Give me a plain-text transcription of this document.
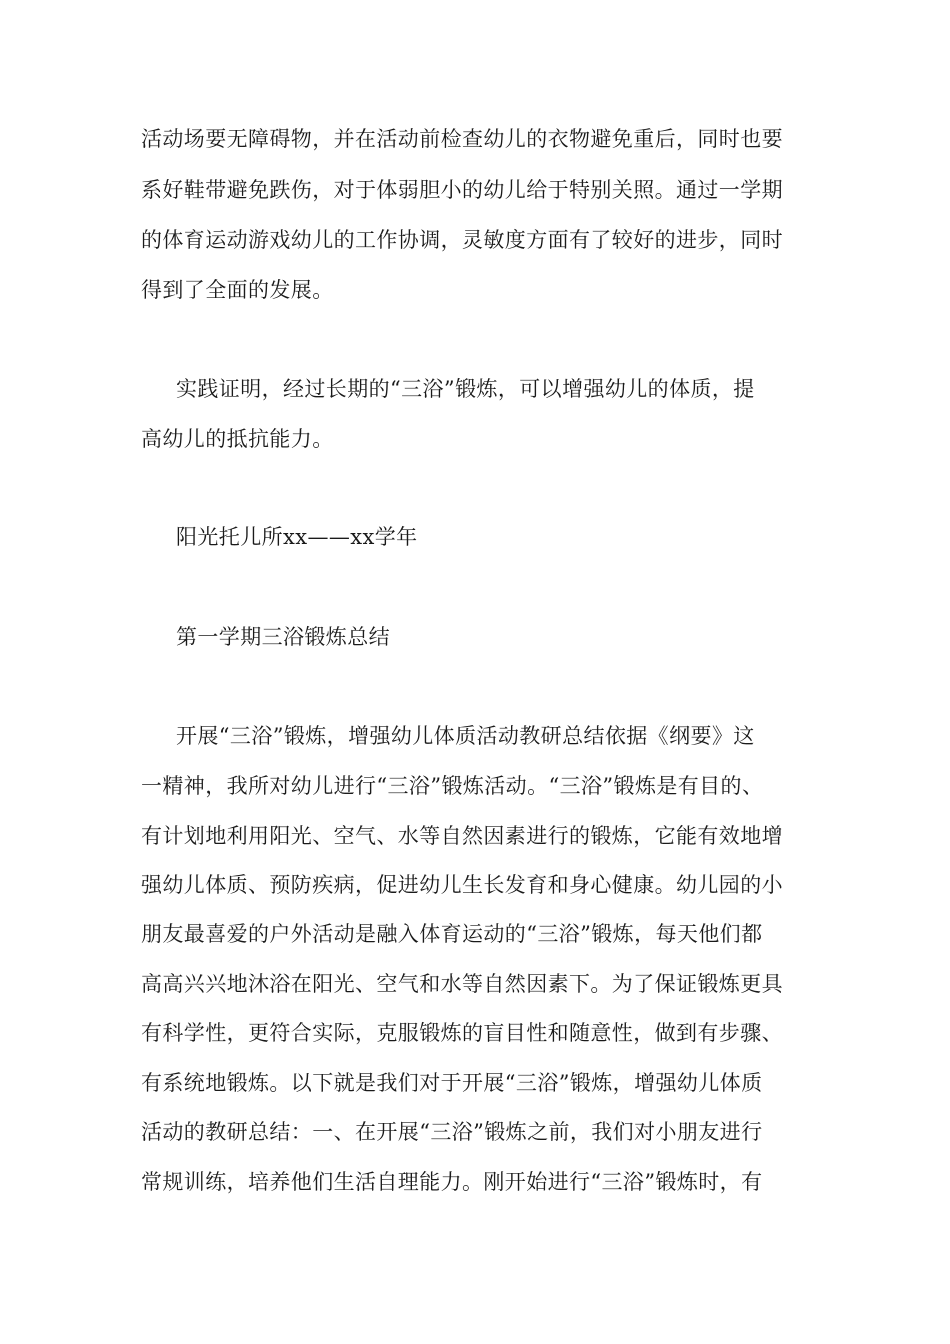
活动场要无障碍物，并在活动前检查幼儿的衣物避免重后，同时也要
系好鞋带避免跌伤，对于体弱胆小的幼儿给于特别关照。通过一学期
的体育运动游戏幼儿的工作协调，灵敏度方面有了较好的进步，同时
得到了全面的发展。
实践证明，经过长期的“三浴”锻炼，可以增强幼儿的体质，提
高幼儿的抵抗能力。
阳光托儿所xx——xx学年
第一学期三浴锻炼总结
开展“三浴”锻炼，增强幼儿体质活动教研总结依据《纲要》这
一精神，我所对幼儿进行“三浴”锻炼活动。“三浴”锻炼是有目的、
有计划地利用阳光、空气、水等自然因素进行的锻炼，它能有效地增
强幼儿体质、预防疾病，促进幼儿生长发育和身心健康。幼儿园的小
朋友最喜爱的户外活动是融入体育运动的“三浴”锻炼，每天他们都
高高兴兴地沐浴在阳光、空气和水等自然因素下。为了保证锻炼更具
有科学性，更符合实际，克服锻炼的盲目性和随意性，做到有步骤、
有系统地锻炼。以下就是我们对于开展“三浴”锻炼，增强幼儿体质
活动的教研总结：一、在开展“三浴”锻炼之前，我们对小朋友进行
常规训练，培养他们生活自理能力。刚开始进行“三浴”锻炼时，有
